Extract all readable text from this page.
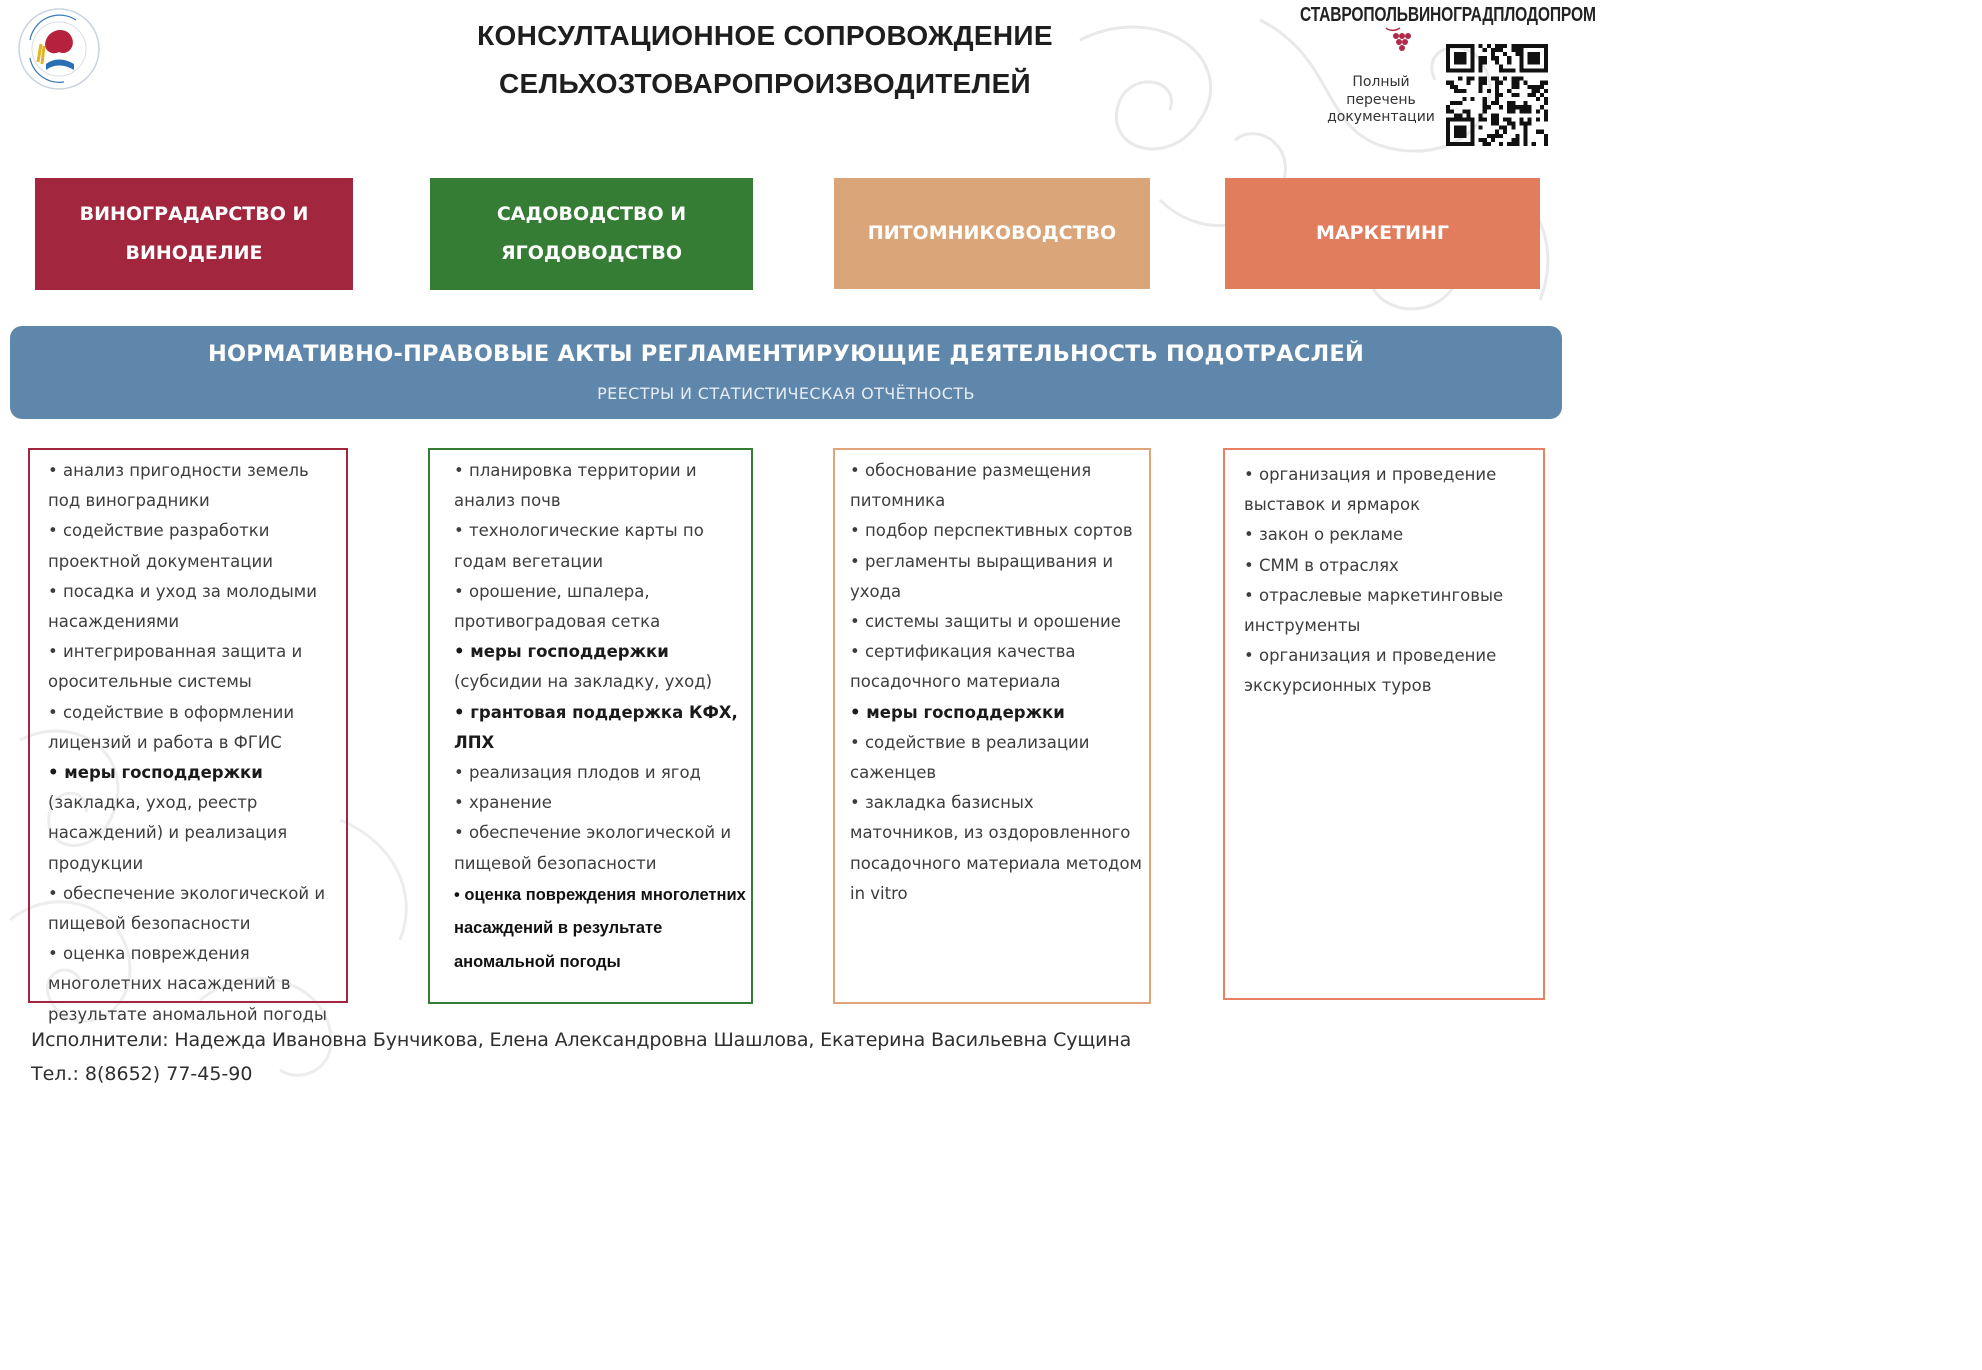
КОНСУЛТАЦИОННОЕ СОПРОВОЖДЕНИЕ
СЕЛЬХОЗТОВАРОПРОИЗВОДИТЕЛЕЙ
СТАВРОПОЛЬВИНОГРАДПЛОДОПРОМ
Полный
перечень
документации
ВИНОГРАДАРСТВО И
ВИНОДЕЛИЕ
САДОВОДСТВО И
ЯГОДОВОДСТВО
ПИТОМНИКОВОДСТВО	МАРКЕТИНГ
НОРМАТИВНО-ПРАВОВЫЕ АКТЫ РЕГЛАМЕНТИРУЮЩИЕ ДЕЯТЕЛЬНОСТЬ ПОДОТРАСЛЕЙ
РЕЕСТРЫ И СТАТИСТИЧЕСКАЯ ОТЧЁТНОСТЬ
• анализ пригодности земель под виноградники
• содействие разработки проектной документации
• посадка и уход за молодыми насаждениями
• интегрированная защита и оросительные системы
• содействие в оформлении лицензий и работа в ФГИС
• меры господдержки (закладка, уход, реестр насаждений) и реализация продукции
• обеспечение экологической и пищевой безопасности
• оценка повреждения многолетних насаждений в результате аномальной погоды
• планировка территории и анализ почв
• технологические карты по годам вегетации
• орошение, шпалера, противоградовая сетка
• меры господдержки (субсидии на закладку, уход)
• грантовая поддержка КФХ, ЛПХ
• реализация плодов и ягод
• хранение
• обеспечение экологической и пищевой безопасности
• оценка повреждения многолетних насаждений в результате аномальной погоды
• обоснование размещения питомника
• подбор перспективных сортов
• регламенты выращивания и ухода
• системы защиты и орошение
• сертификация качества посадочного материала
• меры господдержки
• содействие в реализации саженцев
• закладка базисных маточников, из оздоровленного посадочного материала методом in vitro
• организация и проведение выставок и ярмарок
• закон о рекламе
• СММ в отраслях
• отраслевые маркетинговые инструменты
• организация и проведение экскурсионных туров
Исполнители: Надежда Ивановна Бунчикова, Елена Александровна Шашлова, Екатерина Васильевна Сущина
Тел.: 8(8652) 77-45-90
